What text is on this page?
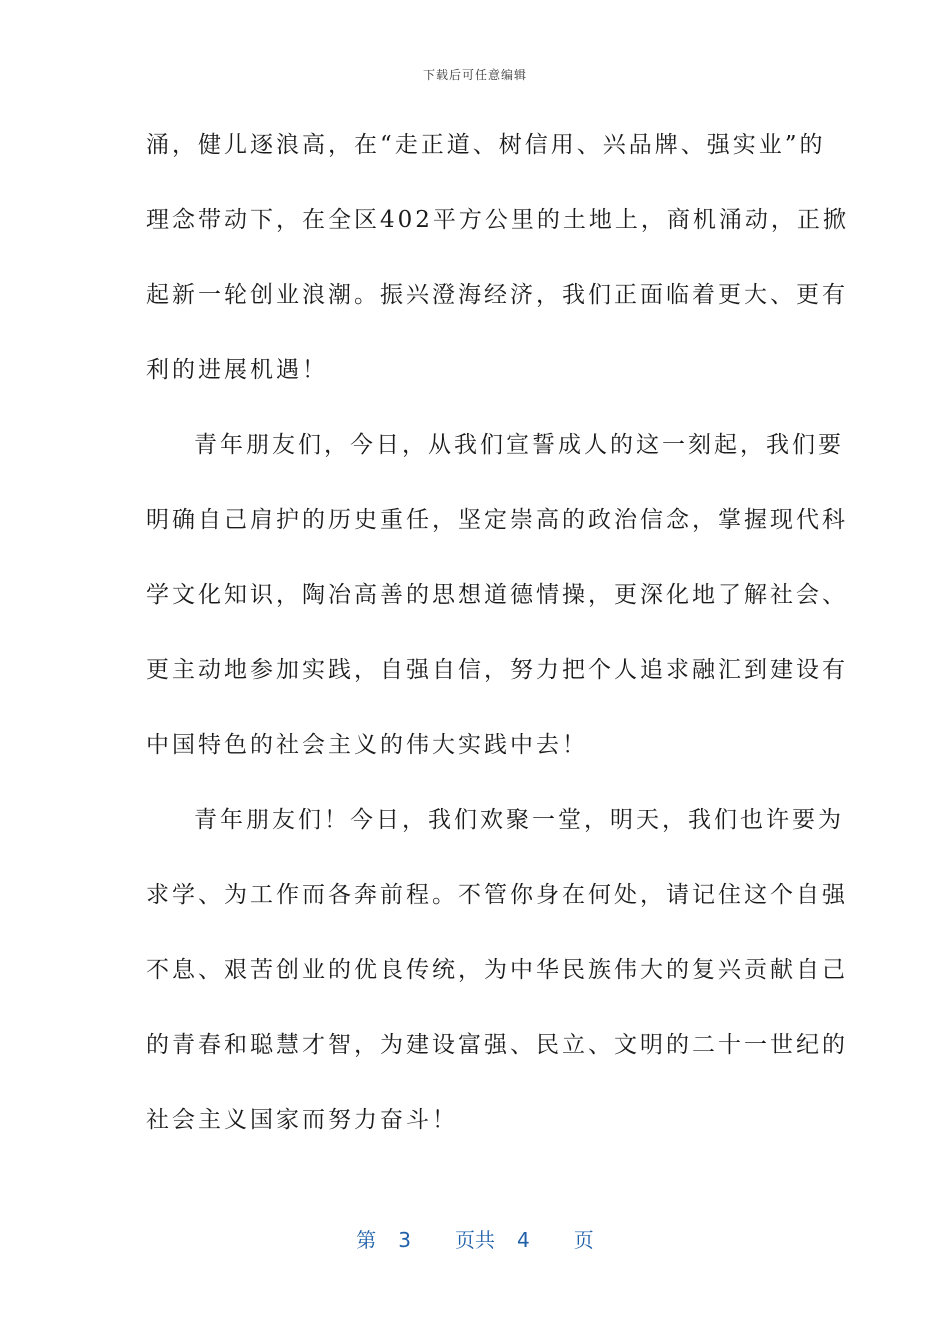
下载后可任意编辑
涌，健儿逐浪高，在“走正道、树信用、兴品牌、强实业”的
理念带动下，在全区402平方公里的土地上，商机涌动，正掀
起新一轮创业浪潮。振兴澄海经济，我们正面临着更大、更有
利的进展机遇！
青年朋友们，今日，从我们宣誓成人的这一刻起，我们要
明确自己肩护的历史重任，坚定崇高的政治信念，掌握现代科
学文化知识，陶冶高善的思想道德情操，更深化地了解社会、
更主动地参加实践，自强自信，努力把个人追求融汇到建设有
中国特色的社会主义的伟大实践中去！
青年朋友们！今日，我们欢聚一堂，明天，我们也许要为
求学、为工作而各奔前程。不管你身在何处，请记住这个自强
不息、艰苦创业的优良传统，为中华民族伟大的复兴贡献自己
的青春和聪慧才智，为建设富强、民立、文明的二十一世纪的
社会主义国家而努力奋斗！
第 3 页共 4 页
